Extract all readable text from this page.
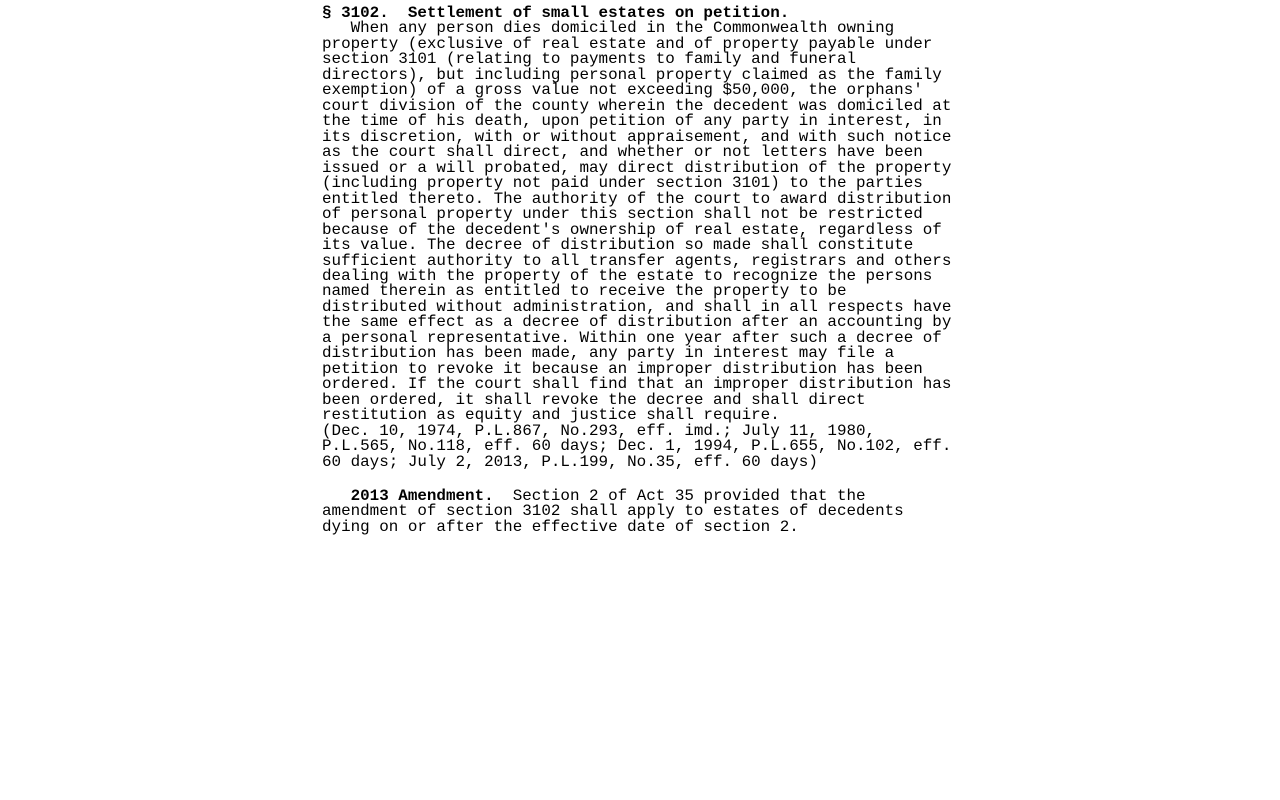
§ 3102.  Settlement of small estates on petition.
When any person dies domiciled in the Commonwealth owning
property (exclusive of real estate and of property payable under
section 3101 (relating to payments to family and funeral
directors), but including personal property claimed as the family
exemption) of a gross value not exceeding $50,000, the orphans'
court division of the county wherein the decedent was domiciled at
the time of his death, upon petition of any party in interest, in
its discretion, with or without appraisement, and with such notice
as the court shall direct, and whether or not letters have been
issued or a will probated, may direct distribution of the property
(including property not paid under section 3101) to the parties
entitled thereto. The authority of the court to award distribution
of personal property under this section shall not be restricted
because of the decedent's ownership of real estate, regardless of
its value. The decree of distribution so made shall constitute
sufficient authority to all transfer agents, registrars and others
dealing with the property of the estate to recognize the persons
named therein as entitled to receive the property to be
distributed without administration, and shall in all respects have
the same effect as a decree of distribution after an accounting by
a personal representative. Within one year after such a decree of
distribution has been made, any party in interest may file a
petition to revoke it because an improper distribution has been
ordered. If the court shall find that an improper distribution has
been ordered, it shall revoke the decree and shall direct
restitution as equity and justice shall require.
(Dec. 10, 1974, P.L.867, No.293, eff. imd.; July 11, 1980,
P.L.565, No.118, eff. 60 days; Dec. 1, 1994, P.L.655, No.102, eff.
60 days; July 2, 2013, P.L.199, No.35, eff. 60 days)
2013 Amendment.  Section 2 of Act 35 provided that the
amendment of section 3102 shall apply to estates of decedents
dying on or after the effective date of section 2.
